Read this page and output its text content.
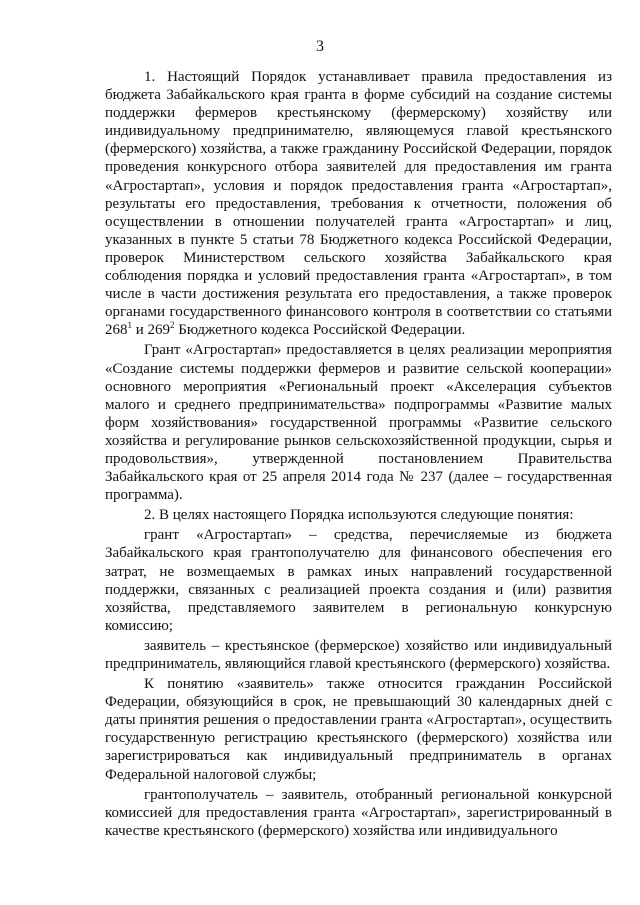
3

1. Настоящий Порядок устанавливает правила предоставления из бюджета Забайкальского края гранта в форме субсидий на создание системы поддержки фермеров крестьянскому (фермерскому) хозяйству или индивидуальному предпринимателю, являющемуся главой крестьянского (фермерского) хозяйства, а также гражданину Российской Федерации, порядок проведения конкурсного отбора заявителей для предоставления им гранта «Агростартап», условия и порядок предоставления гранта «Агростартап», результаты его предоставления, требования к отчетности, положения об осуществлении в отношении получателей гранта «Агростартап» и лиц, указанных в пункте 5 статьи 78 Бюджетного кодекса Российской Федерации, проверок Министерством сельского хозяйства Забайкальского края соблюдения порядка и условий предоставления гранта «Агростартап», в том числе в части достижения результата его предоставления, а также проверок органами государственного финансового контроля в соответствии со статьями $268^1$ и $269^2$ Бюджетного кодекса Российской Федерации.

Грант «Агростартап» предоставляется в целях реализации мероприятия «Создание системы поддержки фермеров и развитие сельской кооперации» основного мероприятия «Региональный проект «Акселерация субъектов малого и среднего предпринимательства» подпрограммы «Развитие малых форм хозяйствования» государственной программы «Развитие сельского хозяйства и регулирование рынков сельскохозяйственной продукции, сырья и продовольствия», утвержденной постановлением Правительства Забайкальского края от 25 апреля 2014 года № 237 (далее – государственная программа).

2. В целях настоящего Порядка используются следующие понятия:

грант «Агростартап» – средства, перечисляемые из бюджета Забайкальского края грантополучателю для финансового обеспечения его затрат, не возмещаемых в рамках иных направлений государственной поддержки, связанных с реализацией проекта создания и (или) развития хозяйства, представляемого заявителем в региональную конкурсную комиссию;

заявитель – крестьянское (фермерское) хозяйство или индивидуальный предприниматель, являющийся главой крестьянского (фермерского) хозяйства.

К понятию «заявитель» также относится гражданин Российской Федерации, обязующийся в срок, не превышающий 30 календарных дней с даты принятия решения о предоставлении гранта «Агростартап», осуществить государственную регистрацию крестьянского (фермерского) хозяйства или зарегистрироваться как индивидуальный предприниматель в органах Федеральной налоговой службы;

грантополучатель – заявитель, отобранный региональной конкурсной комиссией для предоставления гранта «Агростартап», зарегистрированный в качестве крестьянского (фермерского) хозяйства или индивидуального
